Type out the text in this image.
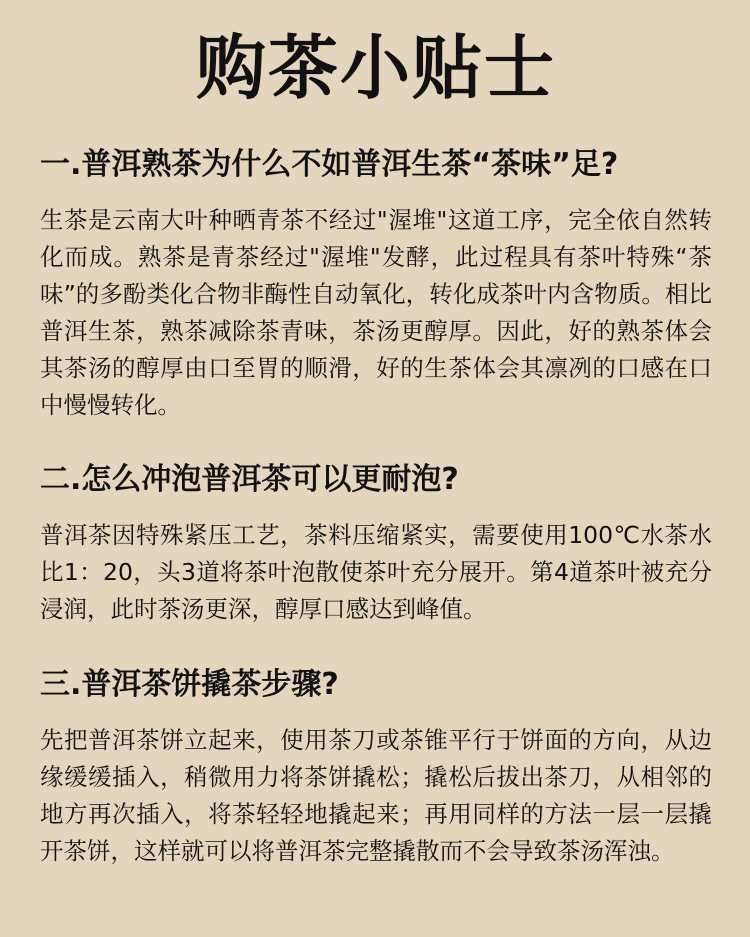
购茶小贴士
一.普洱熟茶为什么不如普洱生茶“茶味”足?

生茶是云南大叶种晒青茶不经过"渥堆"这道工序，完全依自然转化而成。熟茶是青茶经过"渥堆"发酵，此过程具有茶叶特殊“茶味”的多酚类化合物非酶性自动氧化，转化成茶叶内含物质。相比普洱生茶，熟茶减除茶青味，茶汤更醇厚。因此，好的熟茶体会其茶汤的醇厚由口至胃的顺滑，好的生茶体会其凛冽的口感在口中慢慢转化。

二.怎么冲泡普洱茶可以更耐泡?

普洱茶因特殊紧压工艺，茶料压缩紧实，需要使用100℃水茶水比1：20，头3道将茶叶泡散使茶叶充分展开。第4道茶叶被充分浸润，此时茶汤更深，醇厚口感达到峰值。

三.普洱茶饼撬茶步骤?

先把普洱茶饼立起来，使用茶刀或茶锥平行于饼面的方向，从边缘缓缓插入，稍微用力将茶饼撬松；撬松后拔出茶刀，从相邻的地方再次插入，将茶轻轻地撬起来；再用同样的方法一层一层撬开茶饼，这样就可以将普洱茶完整撬散而不会导致茶汤浑浊。
